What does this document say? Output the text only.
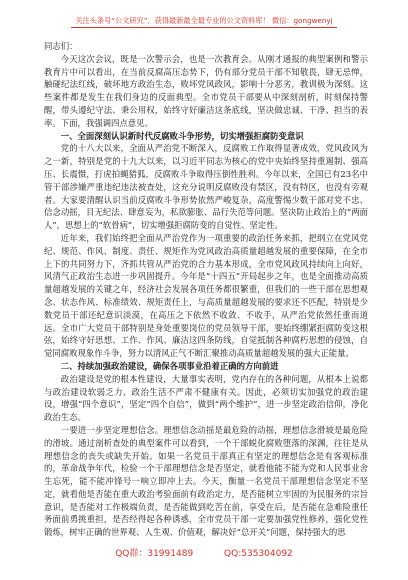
关注头条号“公文研究”，获得最新最全最专业的公文资料库！ 微信：gongwenyj

同志们：

今天这次会议，既是一次警示会，也是一次教育会。从刚才通报的典型案例和警示教育片中可以看出，在当前反腐高压态势下，仍有部分党员干部不知敬畏，肆无忌惮，触碰纪法红线，破坏地方政治生态，败坏党风政风，影响十分恶劣，教训极为深刻。这些案件都是发生在我们身边的反面典型。全市党员干部要从中深刻剖析，时刻保持警醒，带头遵纪守法、秉公用权，始终守好廉洁这条底线，坚决做忠诚、干净、担当的表率。下面，我强调四点意见。

一、全面深刻认识新时代反腐败斗争形势，切实增强拒腐防变意识

党的十八大以来，全面从严治党不断深入，反腐败工作取得显著成效，党风政风为之一新，特别是党的十九大以来，以习近平同志为核心的党中央始终坚持重遏制、强高压、长震慑，打虎拍蝇猎狐，反腐败斗争取得压倒性胜利。今年以来，全国已有23名中管干部涉嫌严重违纪违法被查处，这充分说明反腐败没有禁区，没有特区，也没有旁观者。大家要清醒认识当前反腐败斗争形势依然严峻复杂，高度警惕少数干部对党不忠、信念动摇，目无纪法、肆意妄为，私欲膨胀、品行失范等问题。坚决防止政治上的“两面人”，思想上的“软骨病”，切实增强拒腐防变的自觉性、坚定性。

近年来，我们始终把全面从严治党作为一项重要的政治任务来抓，把纲立在党风党纪、规范、作风、制度、责任、规矩作为党风政治高质量超越发展的重要保障，在全市上下的共同努力下，齐抓共管从严治党的合力基本形成，全市党风政风持续向上向好，风清气正政治生态进一步巩固提升。今年是“十四五”开局起步之年，也是全面推动高质量超越发展的关键之年，经济社会发展各项任务都很繁重，但我们的一些干部在思想观念、状态作风、标准绩效、规矩责任上，与高质量超越发展的要求还不匹配，特别是少数党员干部还纪意识淡漠，在高压之下依然不收敛、不收手，从严治党依然任重而道远。全市广大党员干部特别是身处重要岗位的党员领导干部，要始终绷紧拒腐防变这根弦，始终守好思想、工作、作风、廉洁这四条防线，自觉抵制各种腐朽思想的侵蚀，自觉同腐败现象作斗争，努力以清风正气不断汇聚推动高质量超越发展的强大正能量。

二、持续加强政治建设，确保各项事业沿着正确的方向前进

政治建设是党的根本性建设，大量事实表明，党内存在的各种问题，从根本上说都与政治建设软弱乏力、政治生活不严肃不健康有关。因此，必须切实加强党的政治建设，增强“四个意识”，坚定“四个自信”，做到“两个维护”，进一步坚定政治信仰，净化政治生态。

一要进一步坚定理想信念。理想信念动摇是最危险的动摇，理想信念滑坡是最危险的滑坡。通过剖析查处的典型案件可以看到，一个干部蜕化腐败堕落的深渊，往往是从理想信念的丧失或缺失开始。如果一名党员干部真正有坚定的理想信念是有客观标准的，革命战争年代，检验一个干部理想信念是否坚定，就看他能不能为党和人民事业舍生忘死，能不能冲锋号一响立即冲上去。今天，衡量一名党员干部理想信念坚定不坚定，就看他是否能在重大政治考验面前有政治定力，是否能树立牢固的为民服务的宗旨意识，是否能对工作极端负责，是否能做到吃苦在前，享受在后，是否能在急难险重任务面前勇挑重担，是否经得起各种诱惑，全市党员干部一定要加强党性修养，强化党性锻炼，树牢正确的世界观、人生观、价值观，解决好“总开关”问题，保持强大的思

QQ群：31991489	QQ:535304092
